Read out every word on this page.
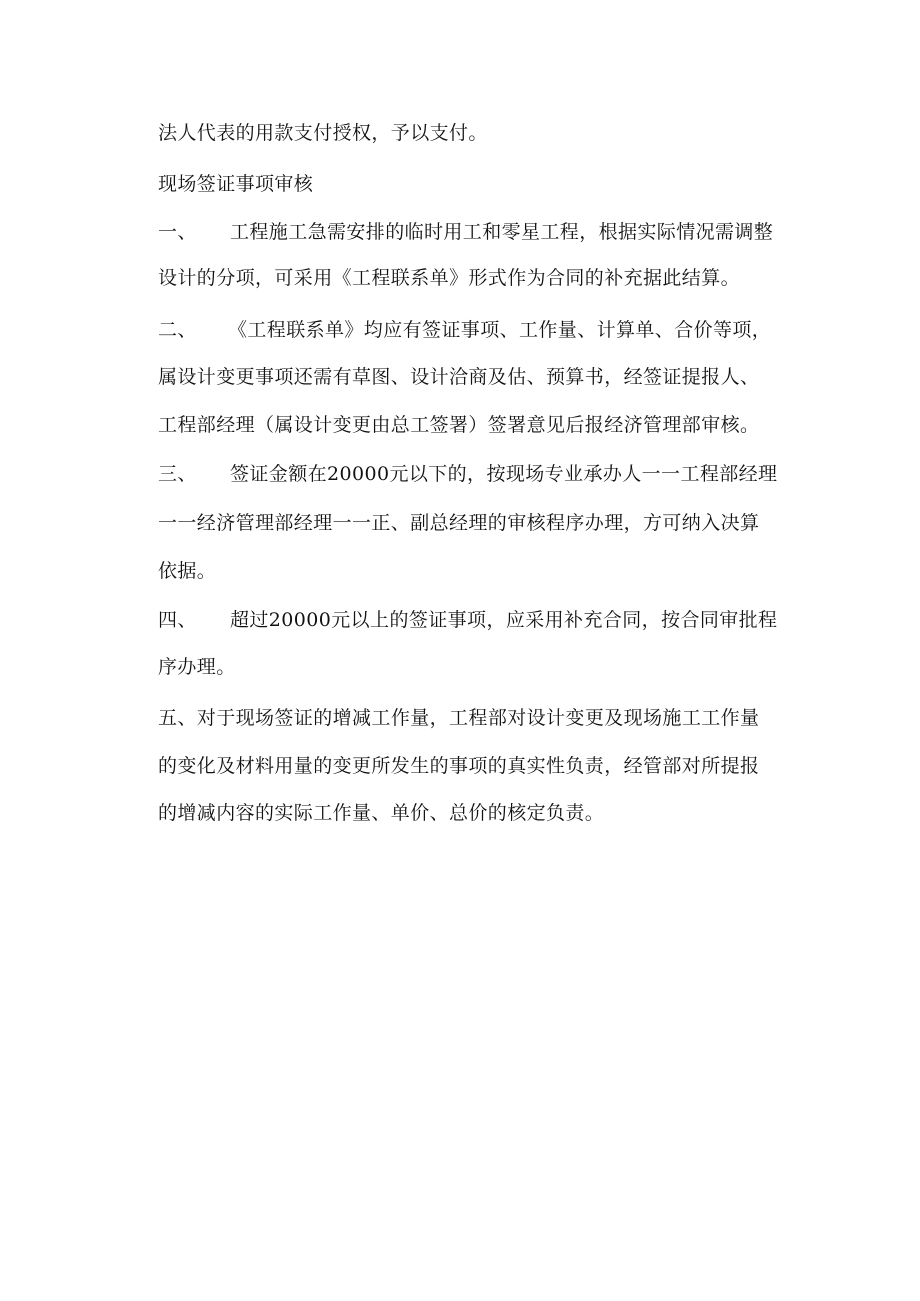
法人代表的用款支付授权，予以支付。
现场签证事项审核
一、 工程施工急需安排的临时用工和零星工程，根据实际情况需调整
设计的分项，可采用《工程联系单》形式作为合同的补充据此结算。
二、 《工程联系单》均应有签证事项、工作量、计算单、合价等项，
属设计变更事项还需有草图、设计洽商及估、预算书，经签证提报人、
工程部经理（属设计变更由总工签署）签署意见后报经济管理部审核。
三、 签证金额在20000元以下的，按现场专业承办人一一工程部经理
一一经济管理部经理一一正、副总经理的审核程序办理，方可纳入决算
依据。
四、 超过20000元以上的签证事项，应采用补充合同，按合同审批程
序办理。
五、对于现场签证的增减工作量，工程部对设计变更及现场施工工作量
的变化及材料用量的变更所发生的事项的真实性负责，经管部对所提报
的增减内容的实际工作量、单价、总价的核定负责。
